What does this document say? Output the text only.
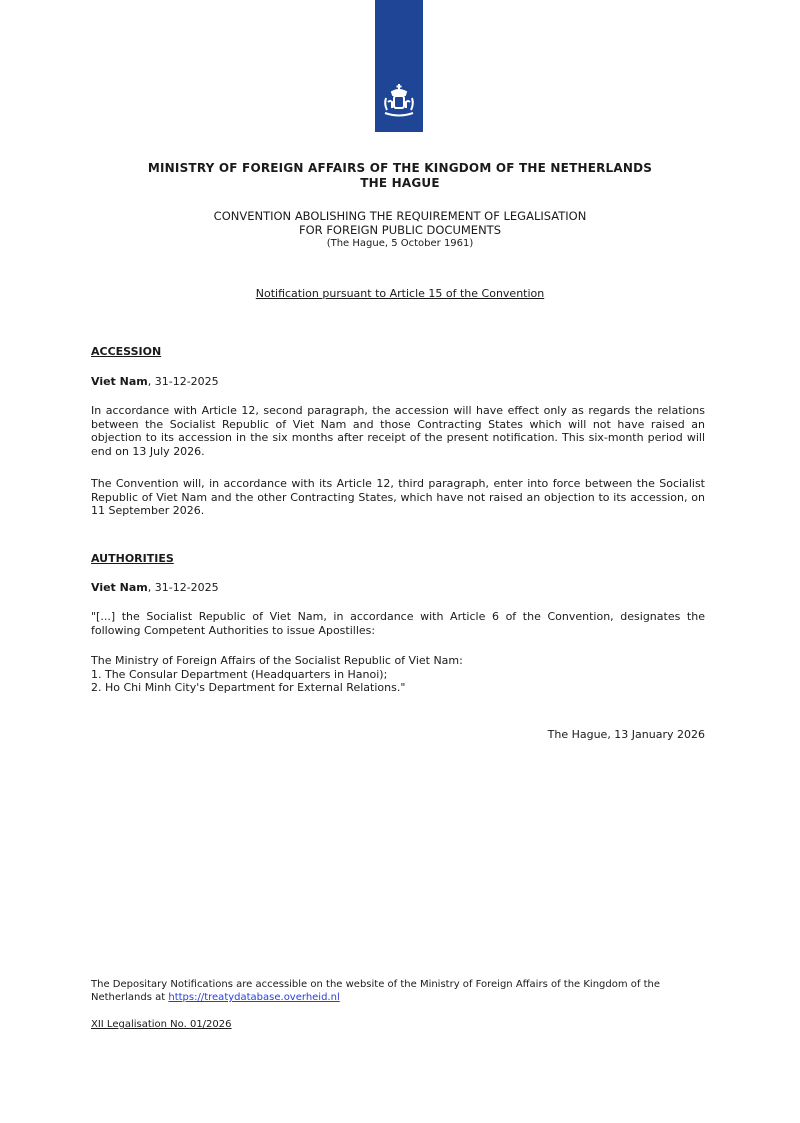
MINISTRY OF FOREIGN AFFAIRS OF THE KINGDOM OF THE NETHERLANDS
THE HAGUE
CONVENTION ABOLISHING THE REQUIREMENT OF LEGALISATION
FOR FOREIGN PUBLIC DOCUMENTS
(The Hague, 5 October 1961)
Notification pursuant to Article 15 of the Convention
ACCESSION
Viet Nam, 31-12-2025
In accordance with Article 12, second paragraph, the accession will have effect only as regards the relations between the Socialist Republic of Viet Nam and those Contracting States which will not have raised an objection to its accession in the six months after receipt of the present notification. This six-month period will end on 13 July 2026.
The Convention will, in accordance with its Article 12, third paragraph, enter into force between the Socialist Republic of Viet Nam and the other Contracting States, which have not raised an objection to its accession, on 11 September 2026.
AUTHORITIES
Viet Nam, 31-12-2025
"[...] the Socialist Republic of Viet Nam, in accordance with Article 6 of the Convention, designates the following Competent Authorities to issue Apostilles:
The Ministry of Foreign Affairs of the Socialist Republic of Viet Nam:
1. The Consular Department (Headquarters in Hanoi);
2. Ho Chi Minh City's Department for External Relations."
The Hague, 13 January 2026
The Depositary Notifications are accessible on the website of the Ministry of Foreign Affairs of the Kingdom of the Netherlands at https://treatydatabase.overheid.nl
XII Legalisation No. 01/2026
